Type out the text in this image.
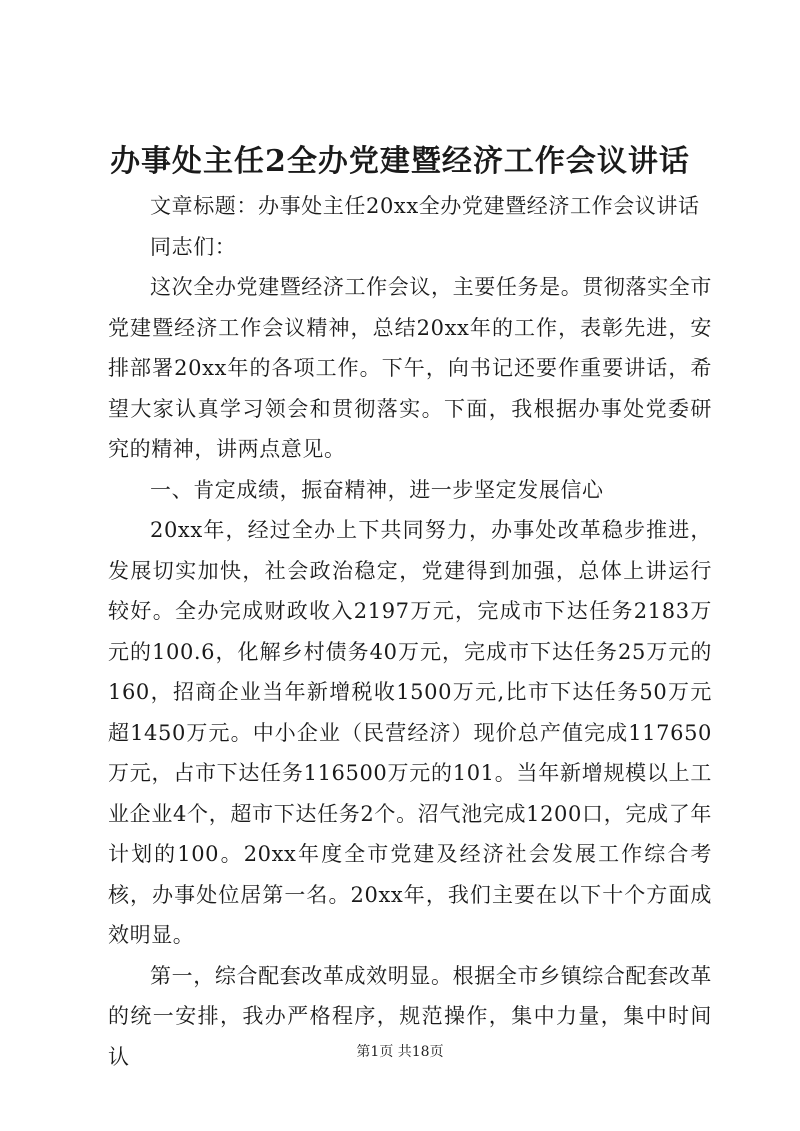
办事处主任2全办党建暨经济工作会议讲话

文章标题：办事处主任20xx全办党建暨经济工作会议讲话

同志们：

这次全办党建暨经济工作会议，主要任务是。贯彻落实全市党建暨经济工作会议精神，总结20xx年的工作，表彰先进，安排部署20xx年的各项工作。下午，向书记还要作重要讲话，希望大家认真学习领会和贯彻落实。下面，我根据办事处党委研究的精神，讲两点意见。

一、肯定成绩，振奋精神，进一步坚定发展信心

20xx年，经过全办上下共同努力，办事处改革稳步推进，发展切实加快，社会政治稳定，党建得到加强，总体上讲运行较好。全办完成财政收入2197万元，完成市下达任务2183万元的100.6，化解乡村债务40万元，完成市下达任务25万元的160，招商企业当年新增税收1500万元,比市下达任务50万元超1450万元。中小企业（民营经济）现价总产值完成117650万元，占市下达任务116500万元的101。当年新增规模以上工业企业4个，超市下达任务2个。沼气池完成1200口，完成了年计划的100。20xx年度全市党建及经济社会发展工作综合考核，办事处位居第一名。20xx年，我们主要在以下十个方面成效明显。

第一，综合配套改革成效明显。根据全市乡镇综合配套改革的统一安排，我办严格程序，规范操作，集中力量，集中时间认	第1页 共18页
